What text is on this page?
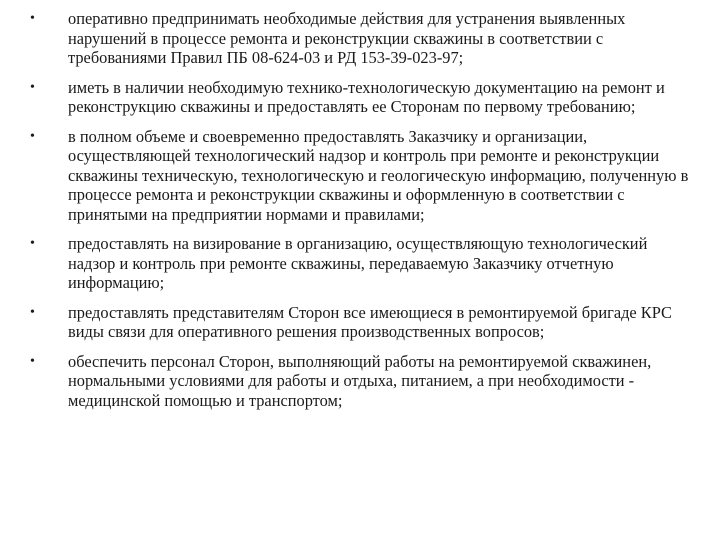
•	оперативно предпринимать необходимые действия для устранения выявленных нарушений в процессе ремонта и реконструкции скважины в соответствии с требованиями Правил ПБ 08-624-03 и РД 153-39-023-97;
•	иметь в наличии необходимую технико-технологическую документацию на ремонт и реконструкцию скважины и предоставлять ее Сторонам по первому требованию;
•	в полном объеме и своевременно предоставлять Заказчику и организации, осуществляющей технологический надзор и контроль при ремонте и реконструкции скважины техническую, технологическую и геологическую информацию, полученную в процессе ремонта и реконструкции скважины и оформленную в соответствии с принятыми на предприятии нормами и правилами;
•	предоставлять на визирование в организацию, осуществляющую технологический надзор и контроль при ремонте скважины, передаваемую Заказчику отчетную информацию;
•	предоставлять представителям Сторон все имеющиеся в ремонтируемой бригаде КРС виды связи для оперативного решения производственных вопросов;
•	обеспечить персонал Сторон, выполняющий работы на ремонтируемой скважинен, нормальными условиями для работы и отдыха, питанием, а при необходимости - медицинской помощью и транспортом;
